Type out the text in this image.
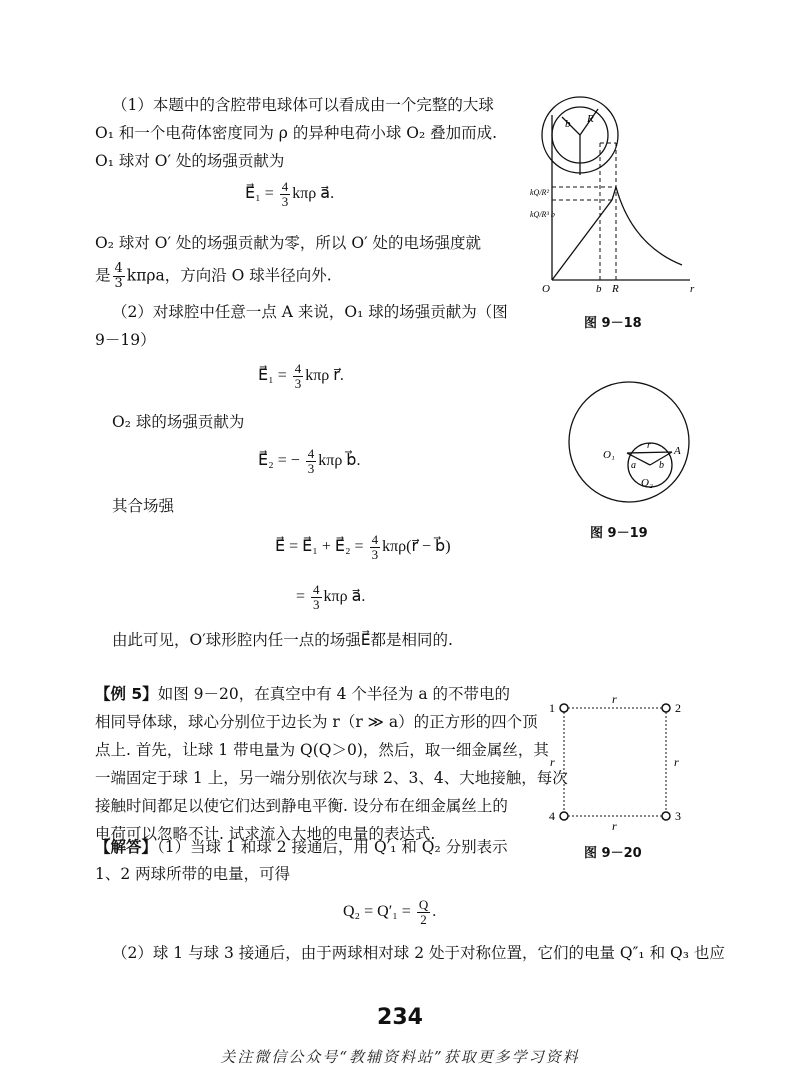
（1）本题中的含腔带电球体可以看成由一个完整的大球
O₁ 和一个电荷体密度同为 ρ 的异种电荷小球 O₂ 叠加而成.
O₁ 球对 O′ 处的场强贡献为
E⃗₁ = $\frac{4}{3}$ kπρ a⃗.
O₂ 球对 O′ 处的场强贡献为零，所以 O′ 处的电场强度就
是 $\frac{4}{3}$ kπρa，方向沿 O 球半径向外.
（2）对球腔中任意一点 A 来说，O₁ 球的场强贡献为（图
9－19）
E⃗₁ = $\frac{4}{3}$ kπρ r⃗.
O₂ 球的场强贡献为
E⃗₂ = − $\frac{4}{3}$ kπρ b⃗.
其合场强
E⃗ = E⃗₁ + E⃗₂ = $\frac{4}{3}$ kπρ(r⃗ − b⃗)
= $\frac{4}{3}$ kπρ a⃗.
由此可见，O′球形腔内任一点的场强E⃗都是相同的.
【例 5】如图 9－20，在真空中有 4 个半径为 a 的不带电的
相同导体球，球心分别位于边长为 r（r ≫ a）的正方形的四个顶
点上. 首先，让球 1 带电量为 Q(Q＞0)，然后，取一细金属丝，其
一端固定于球 1 上，另一端分别依次与球 2、3、4、大地接触，每次
接触时间都足以使它们达到静电平衡. 设分布在细金属丝上的
电荷可以忽略不计. 试求流入大地的电量的表达式.
【解答】（1）当球 1 和球 2 接通后，用 Q′₁ 和 Q₂ 分别表示
1、2 两球所带的电量，可得
$Q_2 = Q'_1 = \frac{Q}{2}$ .
（2）球 1 与球 3 接通后，由于两球相对球 2 处于对称位置，它们的电量 Q″₁ 和 Q₃ 也应
b R
kQ/R²
kQ/R³ b
O	b R	r
图 9－18
O₁
O₂
A
r⃗
a⃗ b⃗
图 9－19
1	2
3
4
r
r	r
r
图 9－20
234
关注微信公众号“教辅资料站”获取更多学习资料
